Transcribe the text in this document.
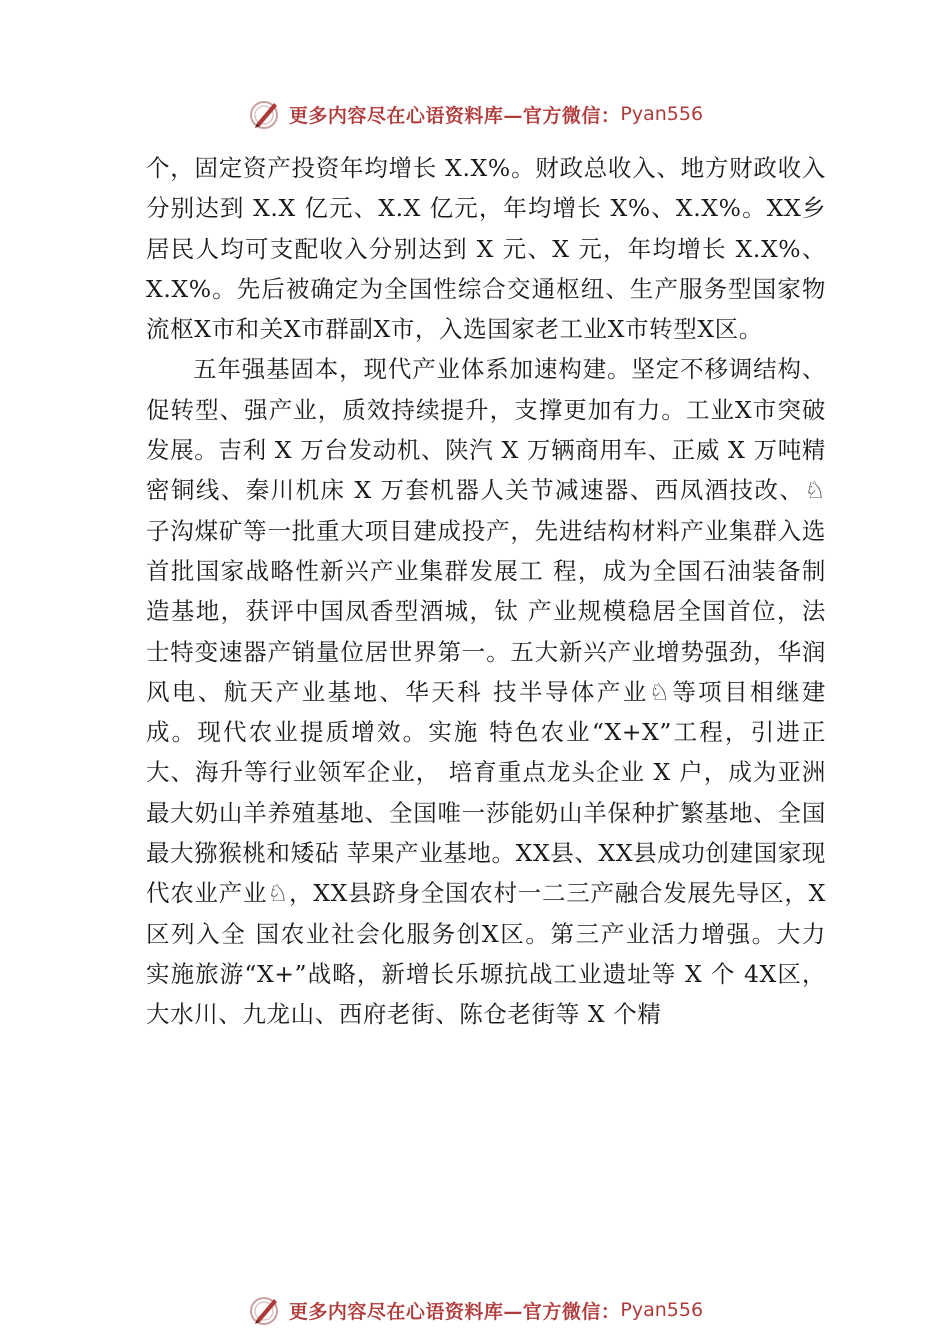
更多内容尽在心语资料库—官方微信： Pyan556

个，固定资产投资年均增长 X.X%。财政总收入、地方财政收入分别达到 X.X 亿元、X.X 亿元，年均增长 X%、X.X%。XX乡居民人均可支配收入分别达到 X 元、X 元，年均增长 X.X%、X.X%。先后被确定为全国性综合交通枢纽、生产服务型国家物流枢X市和关X市群副X市，入选国家老工业X市转型X区。

五年强基固本，现代产业体系加速构建。坚定不移调结构、促转型、强产业，质效持续提升，支撑更加有力。工业X市突破发展。吉利 X 万台发动机、陕汽 X 万辆商用车、正威 X 万吨精密铜线、秦川机床 X 万套机器人关节减速器、西凤酒技改、♘子沟煤矿等一批重大项目建成投产，先进结构材料产业集群入选首批国家战略性新兴产业集群发展工 程，成为全国石油装备制造基地，获评中国凤香型酒城，钛 产业规模稳居全国首位，法士特变速器产销量位居世界第一。五大新兴产业增势强劲，华润风电、航天产业基地、华天科 技半导体产业♘等项目相继建成。现代农业提质增效。实施 特色农业“X+X”工程，引进正大、海升等行业领军企业， 培育重点龙头企业 X 户，成为亚洲最大奶山羊养殖基地、全国唯一莎能奶山羊保种扩繁基地、全国最大猕猴桃和矮砧 苹果产业基地。XX县、XX县成功创建国家现代农业产业♘，XX县跻身全国农村一二三产融合发展先导区，X区列入全 国农业社会化服务创X区。第三产业活力增强。大力 实施旅游“X+”战略，新增长乐塬抗战工业遗址等 X 个 4X区，大水川、九龙山、西府老街、陈仓老街等 X 个精

更多内容尽在心语资料库—官方微信： Pyan556
